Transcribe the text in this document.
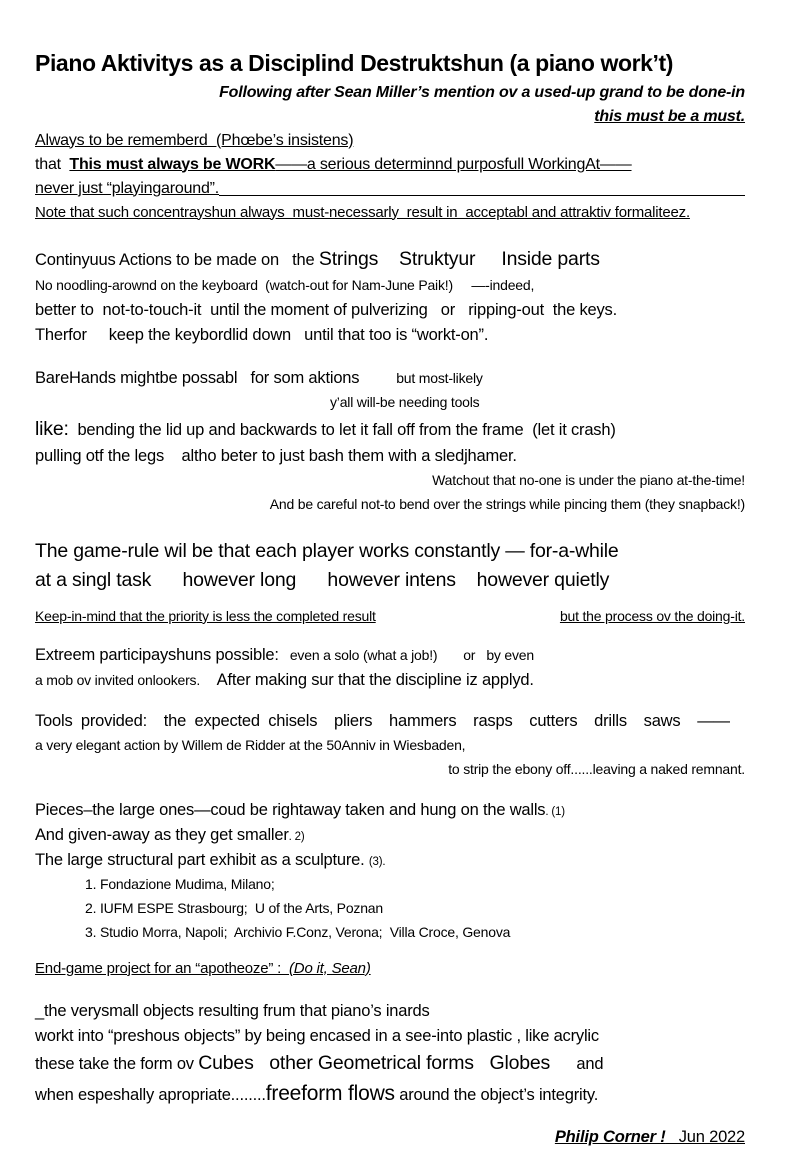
Piano Aktivitys as a Disciplind Destruktshun (a piano work’t)
Following after Sean Miller’s mention ov a used-up grand to be done-in
this must be a must.
Always to be rememberd  (Phœbe’s insistens)
that  This must always be WORK——a serious determinnd purposfull WorkingAt——
never just “playingaround”.
Note that such concentrayshun always  must-necessarly  result in  acceptabl and attraktiv formaliteez.
Continyuus Actions to be made on   the Strings    Struktyur     Inside parts
No noodling-arownd on the keyboard  (watch-out for Nam-June Paik!)     —-indeed,
better to  not-to-touch-it  until the moment of pulverizing   or   ripping-out  the keys.
Therfor     keep the keybordlid down   until that too is “workt-on”.
BareHands mightbe possabl   for som aktions          but most-likely
y’all will-be needing tools
like:  bending the lid up and backwards to let it fall off from the frame  (let it crash)
pulling otf the legs    altho beter to just bash them with a sledjhamer.
Watchout that no-one is under the piano at-the-time!
And be careful not-to bend over the strings while pincing them (they snapback!)
The game-rule wil be that each player works constantly — for-a-while
at a singl task      however long      however intens    however quietly
Keep-in-mind that the priority is less the completed result	but the process ov the doing-it.
Extreem participayshuns possible:   even a solo (what a job!)       or   by even
a mob ov invited onlookers.    After making sur that the discipline iz applyd.
Tools provided:  the expected chisels  pliers  hammers  rasps  cutters  drills  saws  ——
a very elegant action by Willem de Ridder at the 50Anniv in Wiesbaden,
to strip the ebony off......leaving a naked remnant.
Pieces–the large ones—coud be rightaway taken and hung on the walls. (1)
And given-away as they get smaller. 2)
The large structural part exhibit as a sculpture. (3).
1. Fondazione Mudima, Milano;
2. IUFM ESPE Strasbourg;  U of the Arts, Poznan
3. Studio Morra, Napoli;  Archivio F.Conz, Verona;  Villa Croce, Genova
End-game project for an “apotheoze” :  (Do it, Sean)
_the verysmall objects resulting frum that piano’s inards
workt into “preshous objects” by being encased in a see-into plastic , like acrylic
these take the form ov Cubes   other Geometrical forms   Globes      and
when espeshally apropriate........freeform flows around the object’s integrity.
Philip Corner !   Jun 2022
